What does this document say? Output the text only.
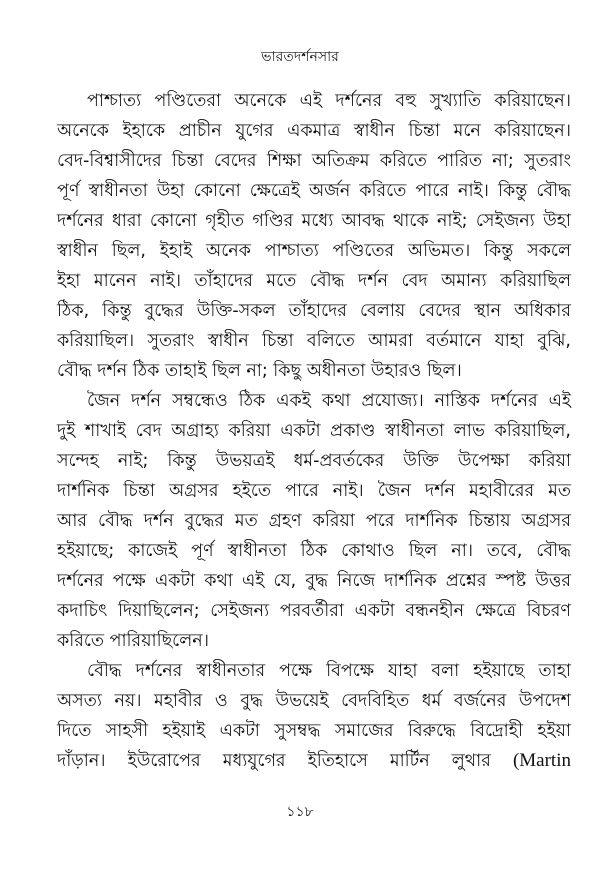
ভারতদর্শনসার
পাশ্চাত্য পণ্ডিতেরা অনেকে এই দর্শনের বহু সুখ্যাতি করিয়াছেন।
অনেকে ইহাকে প্রাচীন যুগের একমাত্র স্বাধীন চিন্তা মনে করিয়াছেন।
বেদ-বিশ্বাসীদের চিন্তা বেদের শিক্ষা অতিক্রম করিতে পারিত না; সুতরাং
পূর্ণ স্বাধীনতা উহা কোনো ক্ষেত্রেই অর্জন করিতে পারে নাই। কিন্তু বৌদ্ধ
দর্শনের ধারা কোনো গৃহীত গণ্ডির মধ্যে আবদ্ধ থাকে নাই; সেইজন্য উহা
স্বাধীন ছিল, ইহাই অনেক পাশ্চাত্য পণ্ডিতের অভিমত। কিন্তু সকলে
ইহা মানেন নাই। তাঁহাদের মতে বৌদ্ধ দর্শন বেদ অমান্য করিয়াছিল
ঠিক, কিন্তু বুদ্ধের উক্তি-সকল তাঁহাদের বেলায় বেদের স্থান অধিকার
করিয়াছিল। সুতরাং স্বাধীন চিন্তা বলিতে আমরা বর্তমানে যাহা বুঝি,
বৌদ্ধ দর্শন ঠিক তাহাই ছিল না; কিছু অধীনতা উহারও ছিল।
জৈন দর্শন সম্বন্ধেও ঠিক একই কথা প্রযোজ্য। নাস্তিক দর্শনের এই
দুই শাখাই বেদ অগ্রাহ্য করিয়া একটা প্রকাণ্ড স্বাধীনতা লাভ করিয়াছিল,
সন্দেহ নাই; কিন্তু উভয়ত্রই ধর্ম-প্রবর্তকের উক্তি উপেক্ষা করিয়া
দার্শনিক চিন্তা অগ্রসর হইতে পারে নাই। জৈন দর্শন মহাবীরের মত
আর বৌদ্ধ দর্শন বুদ্ধের মত গ্রহণ করিয়া পরে দার্শনিক চিন্তায় অগ্রসর
হইয়াছে; কাজেই পূর্ণ স্বাধীনতা ঠিক কোথাও ছিল না। তবে, বৌদ্ধ
দর্শনের পক্ষে একটা কথা এই যে, বুদ্ধ নিজে দার্শনিক প্রশ্নের স্পষ্ট উত্তর
কদাচিৎ দিয়াছিলেন; সেইজন্য পরবর্তীরা একটা বন্ধনহীন ক্ষেত্রে বিচরণ
করিতে পারিয়াছিলেন।
বৌদ্ধ দর্শনের স্বাধীনতার পক্ষে বিপক্ষে যাহা বলা হইয়াছে তাহা
অসত্য নয়। মহাবীর ও বুদ্ধ উভয়েই বেদবিহিত ধর্ম বর্জনের উপদেশ
দিতে সাহসী হইয়াই একটা সুসম্বদ্ধ সমাজের বিরুদ্ধে বিদ্রোহী হইয়া
দাঁড়ান। ইউরোপের মধ্যযুগের ইতিহাসে মার্টিন লুথার (Martin
১১৮
